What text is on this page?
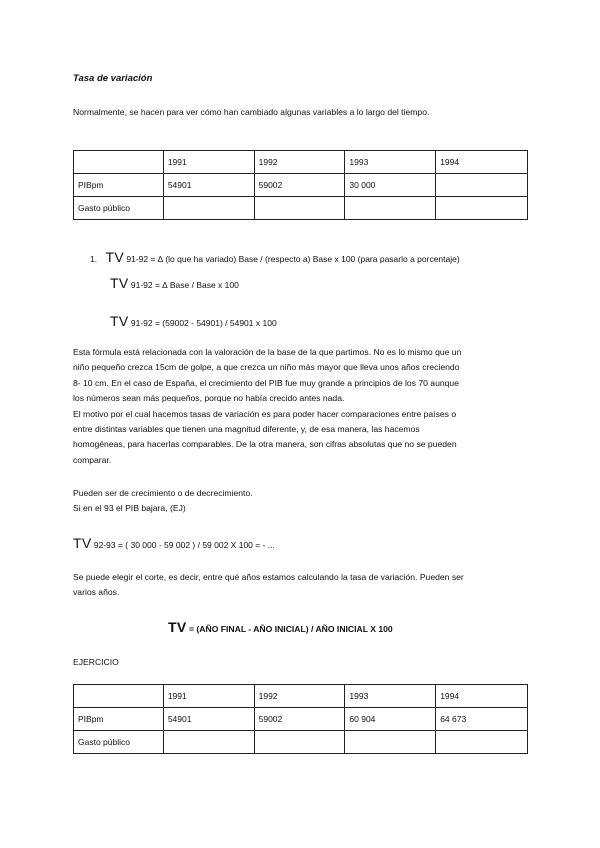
Tasa de variación
Normalmente, se hacen para ver cómo han cambiado algunas variables a lo largo del tiempo.
	1991	1992	1993	1994
PIBpm	54901	59002	30 000	
Gasto público				
1. TV 91-92 = ∆ (lo que ha variado) Base / (respecto a) Base x 100 (para pasarlo a porcentaje)
TV 91-92 = ∆ Base / Base x 100
TV 91-92 = (59002 - 54901) / 54901 x 100
Esta fórmula está relacionada con la valoración de la base de la que partimos. No es lo mismo que un
niño pequeño crezca 15cm de golpe, a que crezca un niño más mayor que lleva unos años creciendo
8- 10 cm. En el caso de España, el crecimiento del PIB fue muy grande a principios de los 70 aunque
los números sean más pequeños, porque no había crecido antes nada.
El motivo por el cual hacemos tasas de variación es para poder hacer comparaciones entre países o
entre distintas variables que tienen una magnitud diferente, y, de esa manera, las hacemos
homogéneas, para hacerlas comparables. De la otra manera, son cifras absolutas que no se pueden
comparar.
Pueden ser de crecimiento o de decrecimiento.
Si en el 93 el PIB bajara, (EJ)
TV 92-93 = ( 30 000 - 59 002 ) / 59 002 X 100 = - ...
Se puede elegir el corte, es decir, entre qué años estamos calculando la tasa de variación. Pueden ser
varios años.
TV = (AÑO FINAL - AÑO INICIAL) / AÑO INICIAL X 100
EJERCICIO
	1991	1992	1993	1994
PIBpm	54901	59002	60 904	64 673
Gasto público				
